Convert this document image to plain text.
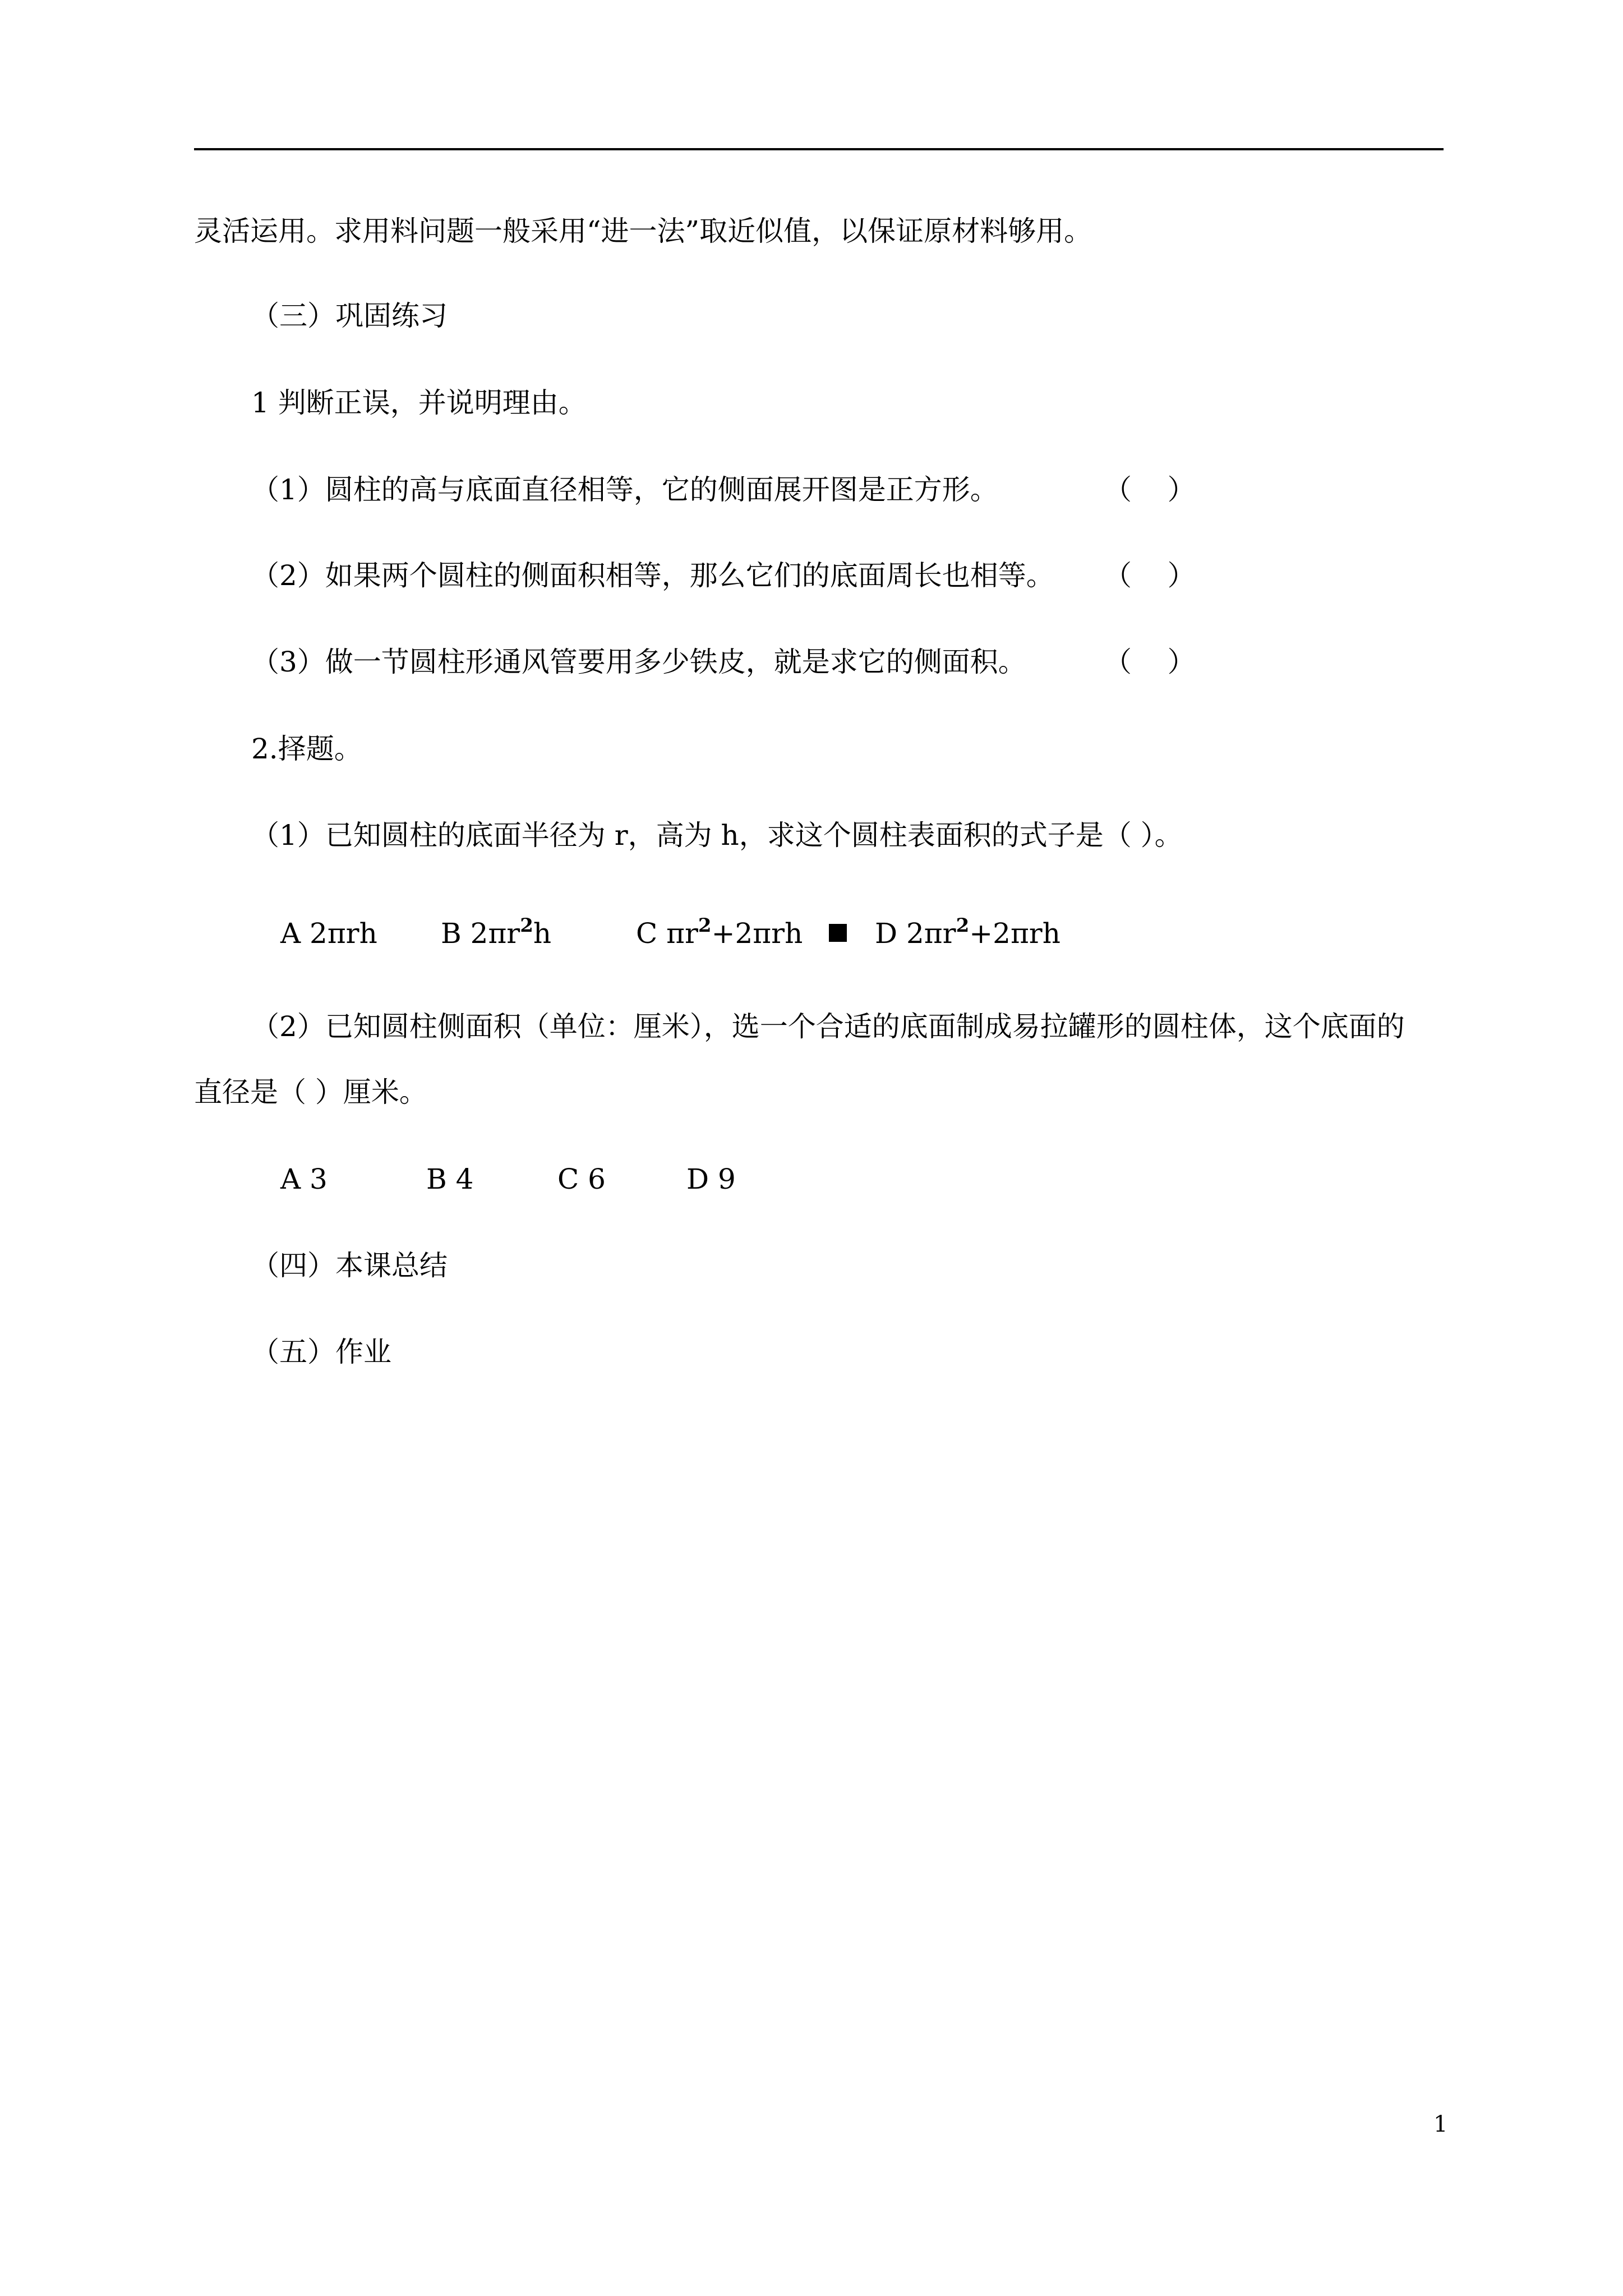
灵活运用。求用料问题一般采用“进一法”取近似值，以保证原材料够用。
（三）巩固练习
1 判断正误，并说明理由。
（1）圆柱的高与底面直径相等，它的侧面展开图是正方形。	（    ）
（2）如果两个圆柱的侧面积相等，那么它们的底面周长也相等。 （    ）
（3）做一节圆柱形通风管要用多少铁皮，就是求它的侧面积。	（    ）
2.择题。
（1）已知圆柱的底面半径为 r，高为 h，求这个圆柱表面积的式子是（ ）。
A 2πrh B $2\pi r^2h$	C $\pi r^2+2\pi rh$	D $2\pi r^2+2\pi rh$
（2）已知圆柱侧面积（单位：厘米），选一个合适的底面制成易拉罐形的圆柱体，这个底面的
直径是（ ）厘米。
A 3	B 4	C 6	D 9
（四）本课总结
（五）作业
1
